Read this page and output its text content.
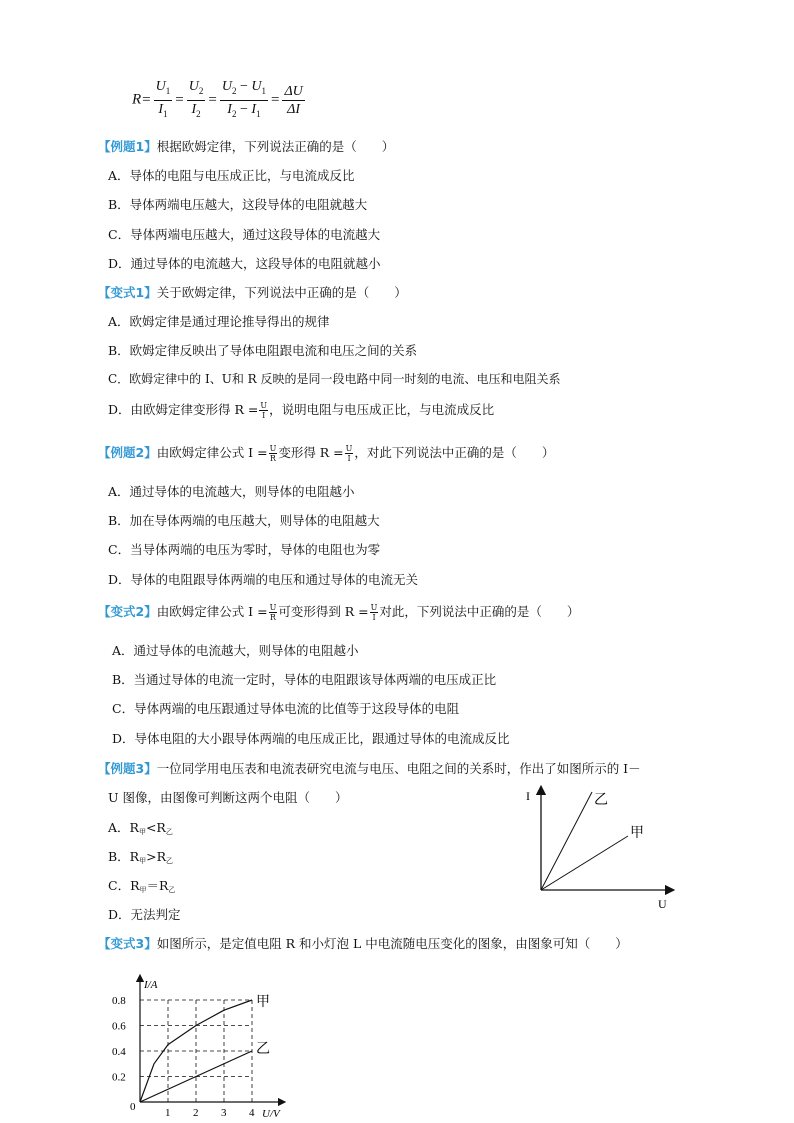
$R= \frac{U_1}{I_1} = \frac{U_2}{I_2} = \frac{U_2 - U_1}{I_2 - I_1} = \frac{\Delta U}{\Delta I}$
【例题1】根据欧姆定律，下列说法正确的是（　　）
A．导体的电阻与电压成正比，与电流成反比
B．导体两端电压越大，这段导体的电阻就越大
C．导体两端电压越大，通过这段导体的电流越大
D．通过导体的电流越大，这段导体的电阻就越小
【变式1】关于欧姆定律，下列说法中正确的是（　　）
A．欧姆定律是通过理论推导得出的规律
B．欧姆定律反映出了导体电阻跟电流和电压之间的关系
C．欧姆定律中的 I、U和 R 反映的是同一段电路中同一时刻的电流、电压和电阻关系
D．由欧姆定律变形得 $R = \frac{U}{I}$ ，说明电阻与电压成正比，与电流成反比
【例题2】由欧姆定律公式 $I = \frac{U}{R}$ 变形得 $R = \frac{U}{I}$ ，对此下列说法中正确的是（　　）
A．通过导体的电流越大，则导体的电阻越小
B．加在导体两端的电压越大，则导体的电阻越大
C．当导体两端的电压为零时，导体的电阻也为零
D．导体的电阻跟导体两端的电压和通过导体的电流无关
【变式2】由欧姆定律公式 $I = \frac{U}{R}$ 可变形得到 $R = \frac{U}{I}$ 对此，下列说法中正确的是（　　）
A．通过导体的电流越大，则导体的电阻越小
B．当通过导体的电流一定时，导体的电阻跟该导体两端的电压成正比
C．导体两端的电压跟通过导体电流的比值等于这段导体的电阻
D．导体电阻的大小跟导体两端的电压成正比，跟通过导体的电流成反比
【例题3】一位同学用电压表和电流表研究电流与电压、电阻之间的关系时，作出了如图所示的 I－
U 图像，由图像可判断这两个电阻（　　）
A．$R_甲<R_乙$
B．$R_甲>R_乙$
C．$R_甲=R_乙$
D．无法判定
I
U
乙
甲
【变式3】如图所示，是定值电阻 R 和小灯泡 L 中电流随电压变化的图象，由图象可知（　　）
0.2
0.4
0.6
0.8
1 2 3 4
甲
乙
I/A
U/V
0
